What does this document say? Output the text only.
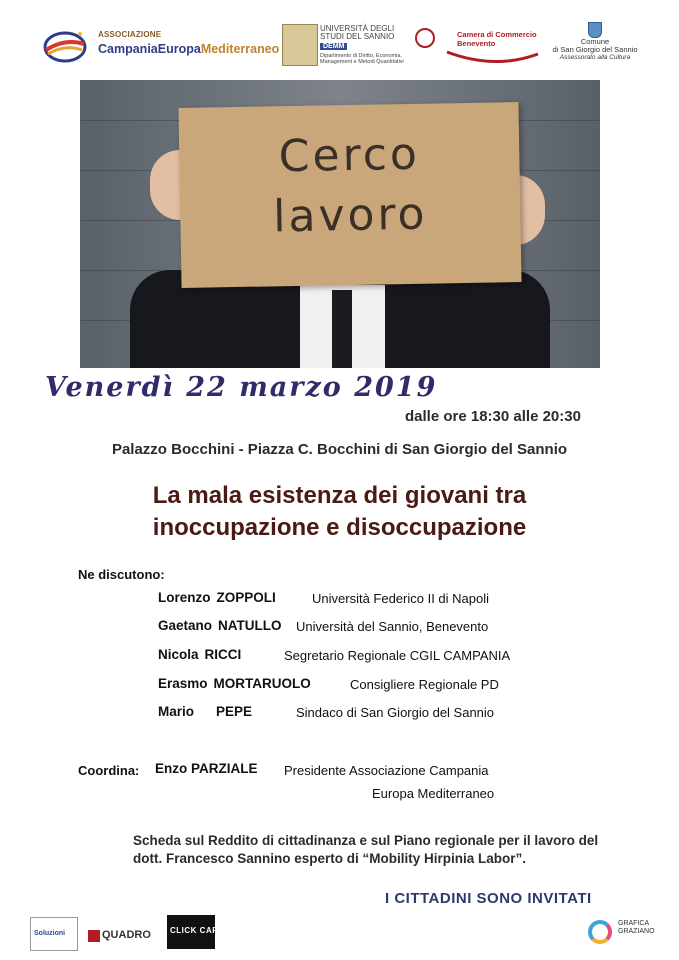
ASSOCIAZIONE
CampaniaEuropaMediterraneo
UNIVERSITÀ DEGLI STUDI DEL SANNIO
DEMM
Dipartimento di Diritto, Economia, Management e Metodi Quantitativi
Camera di Commercio
Benevento	Comune
di San Giorgio del Sannio
Assessorato alla Cultura
Cerco
lavoro
Venerdì 22 marzo 2019
dalle ore 18:30 alle 20:30
Palazzo Bocchini - Piazza C. Bocchini di San Giorgio del Sannio
La mala esistenza dei giovani tra
inoccupazione e disoccupazione
Ne discutono:
Lorenzo ZOPPOLI	Università Federico II di Napoli
Gaetano NATULLO Università del Sannio, Benevento
Nicola RICCI	Segretario Regionale CGIL CAMPANIA
Erasmo MORTARUOLO	Consigliere Regionale PD
Mario PEPE	Sindaco di San Giorgio del Sannio
Coordina: Enzo PARZIALE Presidente Associazione Campania
Europa Mediterraneo
Scheda sul Reddito di cittadinanza e sul Piano regionale per il lavoro del
dott. Francesco Sannino esperto di “Mobility Hirpinia Labor”.
I CITTADINI SONO INVITATI
Soluzioni	QUADRO CLICK CAFÈ
GRAFICA GRAZIANO
